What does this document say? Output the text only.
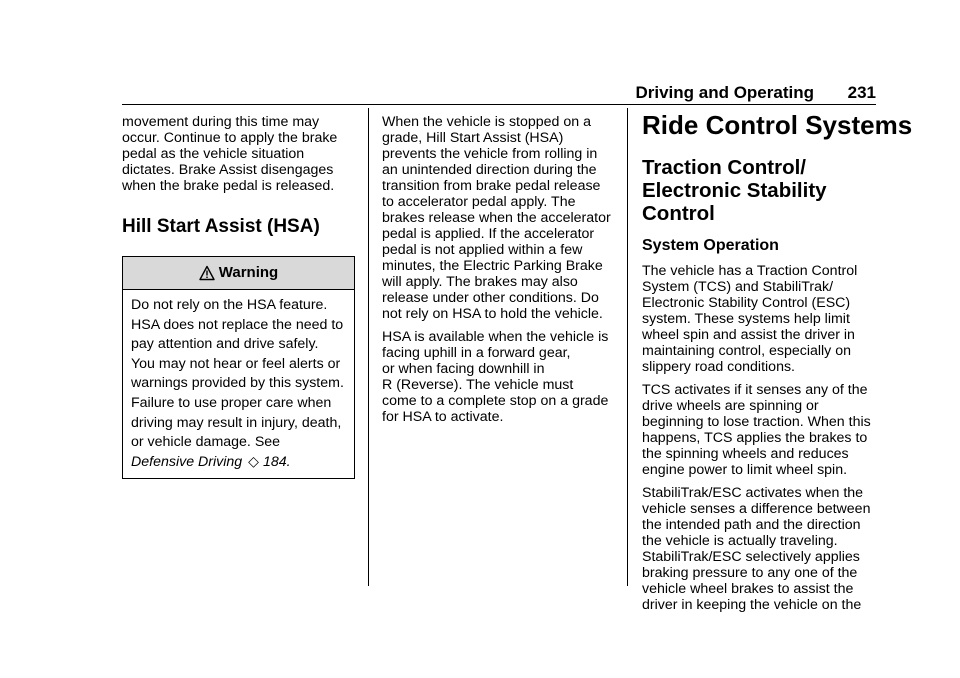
Driving and Operating 231

movement during this time may
occur. Continue to apply the brake
pedal as the vehicle situation
dictates. Brake Assist disengages
when the brake pedal is released.

Hill Start Assist (HSA)
Warning
Do not rely on the HSA feature.
HSA does not replace the need to
pay attention and drive safely.
You may not hear or feel alerts or
warnings provided by this system.
Failure to use proper care when
driving may result in injury, death,
or vehicle damage. See
Defensive Driving ◇ 184.

When the vehicle is stopped on a
grade, Hill Start Assist (HSA)
prevents the vehicle from rolling in
an unintended direction during the
transition from brake pedal release
to accelerator pedal apply. The
brakes release when the accelerator
pedal is applied. If the accelerator
pedal is not applied within a few
minutes, the Electric Parking Brake
will apply. The brakes may also
release under other conditions. Do
not rely on HSA to hold the vehicle.

HSA is available when the vehicle is
facing uphill in a forward gear,
or when facing downhill in
R (Reverse). The vehicle must
come to a complete stop on a grade
for HSA to activate.

Ride Control Systems
Traction Control/
Electronic Stability
Control
System Operation

The vehicle has a Traction Control
System (TCS) and StabiliTrak/
Electronic Stability Control (ESC)
system. These systems help limit
wheel spin and assist the driver in
maintaining control, especially on
slippery road conditions.

TCS activates if it senses any of the
drive wheels are spinning or
beginning to lose traction. When this
happens, TCS applies the brakes to
the spinning wheels and reduces
engine power to limit wheel spin.

StabiliTrak/ESC activates when the
vehicle senses a difference between
the intended path and the direction
the vehicle is actually traveling.
StabiliTrak/ESC selectively applies
braking pressure to any one of the
vehicle wheel brakes to assist the
driver in keeping the vehicle on the
